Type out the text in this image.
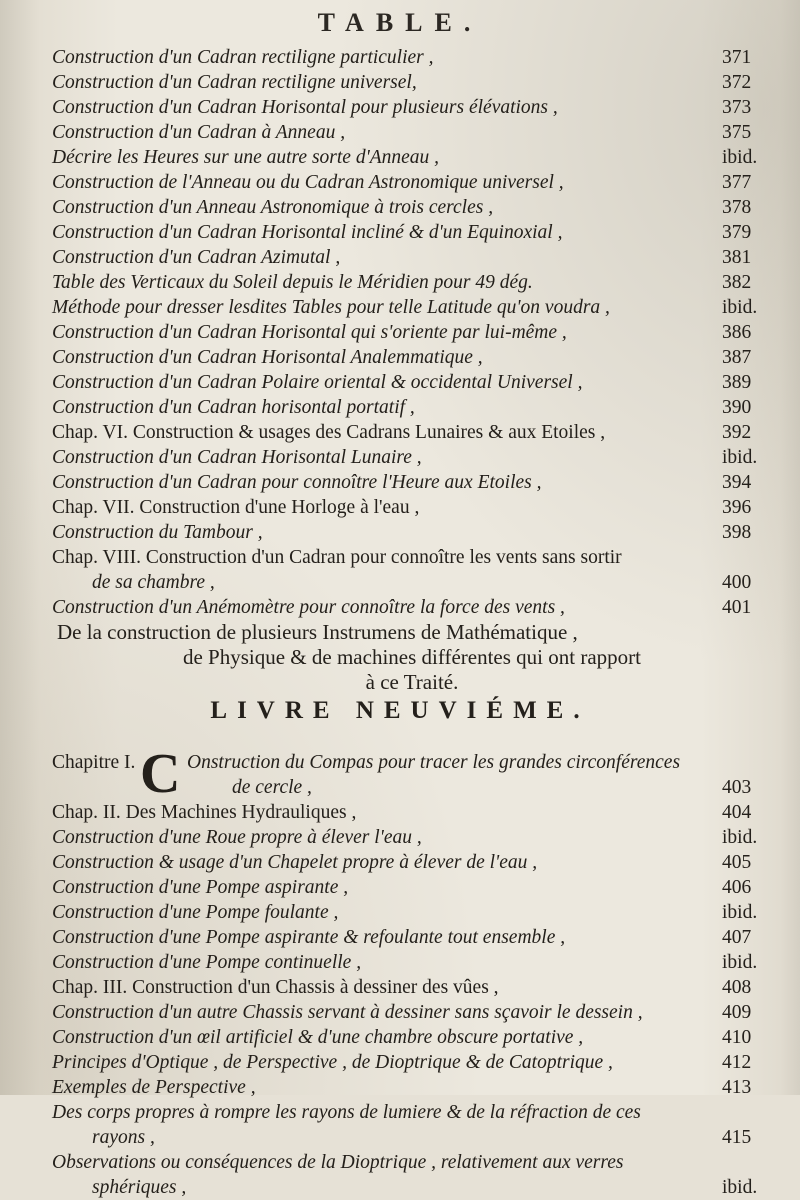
TABLE.
Construction d'un Cadran rectiligne particulier ,	371
Construction d'un Cadran rectiligne universel,	372
Construction d'un Cadran Horisontal pour plusieurs élévations ,	373
Construction d'un Cadran à Anneau ,	375
Décrire les Heures sur une autre sorte d'Anneau ,	ibid.
Construction de l'Anneau ou du Cadran Astronomique universel ,	377
Construction d'un Anneau Astronomique à trois cercles ,	378
Construction d'un Cadran Horisontal incliné & d'un Equinoxial ,	379
Construction d'un Cadran Azimutal ,	381
Table des Verticaux du Soleil depuis le Méridien pour 49 dég.	382
Méthode pour dresser lesdites Tables pour telle Latitude qu'on voudra ,	ibid.
Construction d'un Cadran Horisontal qui s'oriente par lui-même ,	386
Construction d'un Cadran Horisontal Analemmatique ,	387
Construction d'un Cadran Polaire oriental & occidental Universel ,	389
Construction d'un Cadran horisontal portatif ,	390
Chap. VI. Construction & usages des Cadrans Lunaires & aux Etoiles ,	392
Construction d'un Cadran Horisontal Lunaire ,	ibid.
Construction d'un Cadran pour connoître l'Heure aux Etoiles ,	394
Chap. VII. Construction d'une Horloge à l'eau ,	396
Construction du Tambour ,	398
Chap. VIII. Construction d'un Cadran pour connoître les vents sans sortir
de sa chambre ,	400
Construction d'un Anémomètre pour connoître la force des vents ,	401
De la construction de plusieurs Instrumens de Mathématique ,
de Physique & de machines différentes qui ont rapport
à ce Traité.
LIVRE NEUVIÉME.
Chapitre I. C Onstruction du Compas pour tracer les grandes circonférences
de cercle ,	403
Chap. II. Des Machines Hydrauliques ,	404
Construction d'une Roue propre à élever l'eau ,	ibid.
Construction & usage d'un Chapelet propre à élever de l'eau ,	405
Construction d'une Pompe aspirante ,	406
Construction d'une Pompe foulante ,	ibid.
Construction d'une Pompe aspirante & refoulante tout ensemble ,	407
Construction d'une Pompe continuelle ,	ibid.
Chap. III. Construction d'un Chassis à dessiner des vûes ,	408
Construction d'un autre Chassis servant à dessiner sans sçavoir le dessein ,	409
Construction d'un œil artificiel & d'une chambre obscure portative ,	410
Principes d'Optique , de Perspective , de Dioptrique & de Catoptrique ,	412
Exemples de Perspective ,	413
Des corps propres à rompre les rayons de lumiere & de la réfraction de ces
rayons ,	415
Observations ou conséquences de la Dioptrique , relativement aux verres
sphériques ,	ibid.
